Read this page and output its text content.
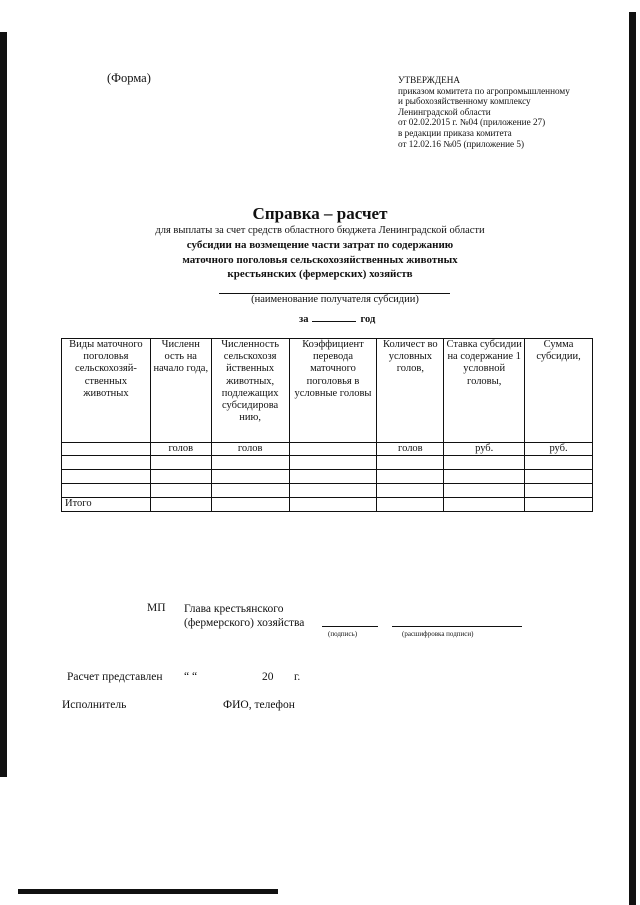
(Форма)	УТВЕРЖДЕНА
приказом комитета по агропромышленному
и рыбохозяйственному комплексу
Ленинградской области
от 02.02.2015 г. №04 (приложение 27)
в редакции приказа комитета
от 12.02.16 №05 (приложение 5)
Справка – расчет
для выплаты за счет средств областного бюджета Ленинградской области
субсидии на возмещение части затрат по содержанию
маточного поголовья сельскохозяйственных животных
крестьянских (фермерских) хозяйств
(наименование получателя субсидии)
за	год
Виды маточного поголовья сельскохозяй-ственных животных	Численн ость на начало года,	Численность сельскохозя йственных животных, подлежащих субсидирова нию,	Коэффициент перевода маточного поголовья в условные головы	Количест во условных голов,	Ставка субсидии на содержание 1 условной головы,	Сумма субсидии,
	голов	голов		голов	руб.	руб.

Итого						
МП Глава крестьянского
(фермерского) хозяйства
(подпись)	(расшифровка подписи)
Расчет представлен “ “	20 г.
Исполнитель	ФИО, телефон
